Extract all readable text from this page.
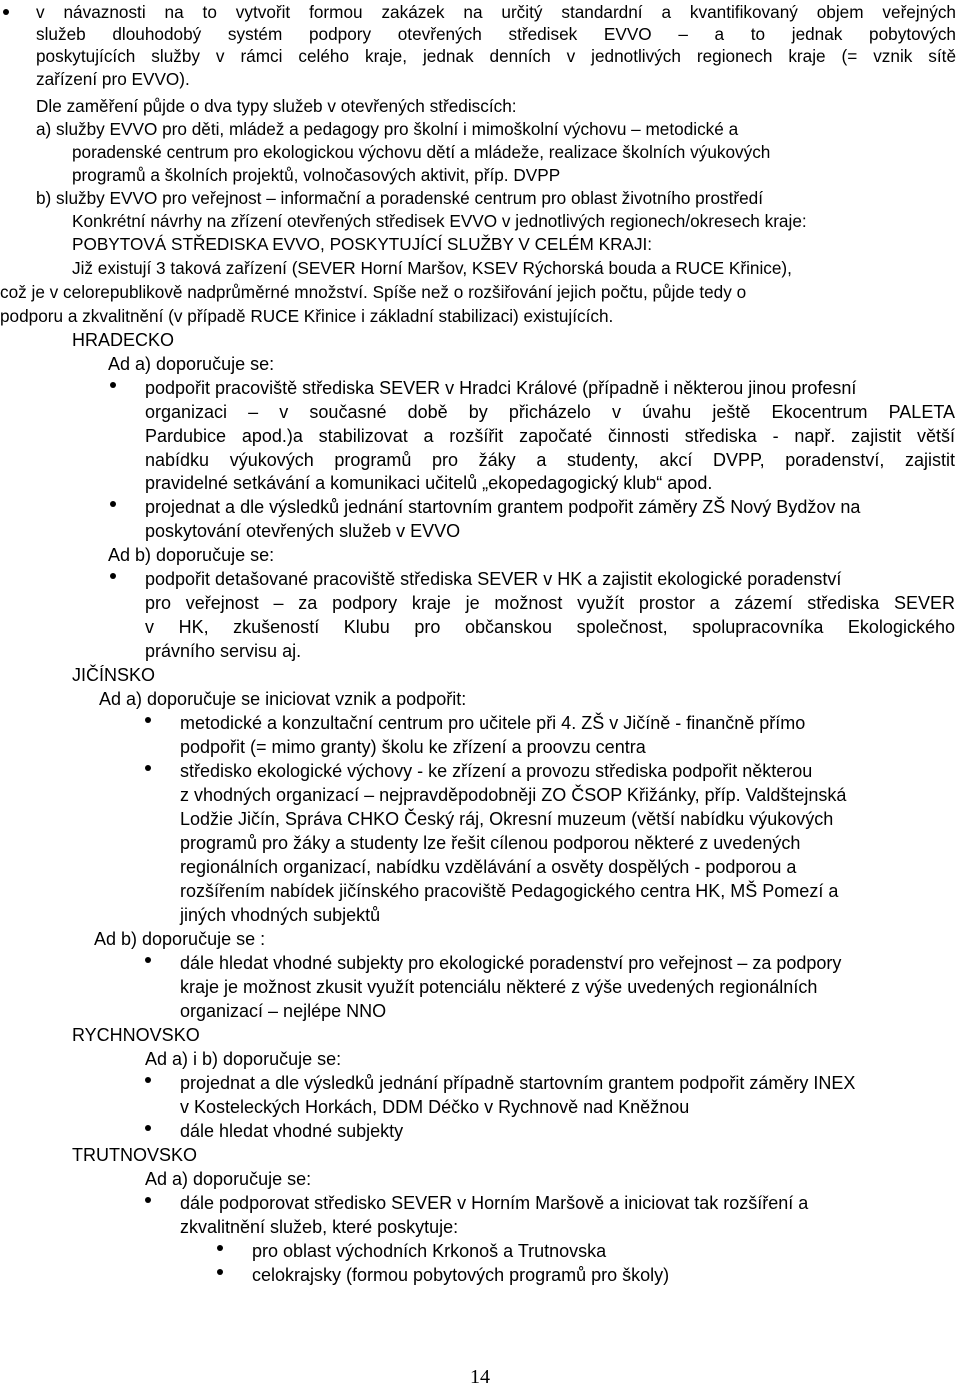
v návaznosti na to vytvořit formou zakázek na určitý standardní a kvantifikovaný objem veřejných
služeb dlouhodobý systém podpory otevřených středisek EVVO – a to jednak pobytových
poskytujících služby v rámci celého kraje, jednak denních v jednotlivých regionech kraje (= vznik sítě
zařízení pro EVVO).
Dle zaměření půjde o dva typy služeb v otevřených střediscích:
a) služby EVVO pro děti, mládež a pedagogy pro školní i mimoškolní výchovu – metodické a
poradenské centrum pro ekologickou výchovu dětí a mládeže, realizace školních výukových
programů a školních projektů, volnočasových aktivit, příp. DVPP
b) služby EVVO pro veřejnost – informační a poradenské centrum pro oblast životního prostředí
Konkrétní návrhy na zřízení otevřených středisek EVVO v jednotlivých regionech/okresech kraje:
POBYTOVÁ STŘEDISKA EVVO, POSKYTUJÍCÍ SLUŽBY V CELÉM KRAJI:
Již existují 3 taková zařízení (SEVER Horní Maršov, KSEV Rýchorská bouda a RUCE Křinice),
což je v celorepublikově nadprůměrné množství. Spíše než o rozšiřování jejich počtu, půjde tedy o
podporu a zkvalitnění (v případě RUCE Křinice i základní stabilizaci) existujících.
HRADECKO
Ad a) doporučuje se:
podpořit pracoviště střediska SEVER v Hradci Králové (případně i některou jinou profesní
organizaci – v současné době by přicházelo v úvahu ještě Ekocentrum PALETA
Pardubice apod.)a stabilizovat a rozšířit započaté činnosti střediska - např. zajistit větší
nabídku výukových programů pro žáky a studenty, akcí DVPP, poradenství, zajistit
pravidelné setkávání a komunikaci učitelů „ekopedagogický klub“ apod.
projednat a dle výsledků jednání startovním grantem podpořit záměry ZŠ Nový Bydžov na
poskytování otevřených služeb v EVVO
Ad b) doporučuje se:
podpořit detašované pracoviště střediska SEVER v HK a zajistit ekologické poradenství
pro veřejnost – za podpory kraje je možnost využít prostor a zázemí střediska SEVER
v HK, zkušeností Klubu pro občanskou společnost, spolupracovníka Ekologického
právního servisu aj.
JIČÍNSKO
Ad a) doporučuje se iniciovat vznik a podpořit:
metodické a konzultační centrum pro učitele při 4. ZŠ v Jičíně - finančně přímo
podpořit (= mimo granty) školu ke zřízení a proovzu centra
středisko ekologické výchovy - ke zřízení a provozu střediska podpořit některou
z vhodných organizací – nejpravděpodobněji ZO ČSOP Křižánky, příp. Valdštejnská
Lodžie Jičín, Správa CHKO Český ráj, Okresní muzeum (větší nabídku výukových
programů pro žáky a studenty lze řešit cílenou podporou některé z uvedených
regionálních organizací, nabídku vzdělávání a osvěty dospělých - podporou a
rozšířením nabídek jičínského pracoviště Pedagogického centra HK, MŠ Pomezí a
jiných vhodných subjektů
Ad b) doporučuje se :
dále hledat vhodné subjekty pro ekologické poradenství pro veřejnost – za podpory
kraje je možnost zkusit využít potenciálu některé z výše uvedených regionálních
organizací – nejlépe NNO
RYCHNOVSKO
Ad a) i b) doporučuje se:
projednat a dle výsledků jednání případně startovním grantem podpořit záměry INEX
v Kosteleckých Horkách, DDM Déčko v Rychnově nad Kněžnou
dále hledat vhodné subjekty
TRUTNOVSKO
Ad a) doporučuje se:
dále podporovat středisko SEVER v Horním Maršově a iniciovat tak rozšíření a
zkvalitnění služeb, které poskytuje:
pro oblast východních Krkonoš a Trutnovska
celokrajsky (formou pobytových programů pro školy)
14
